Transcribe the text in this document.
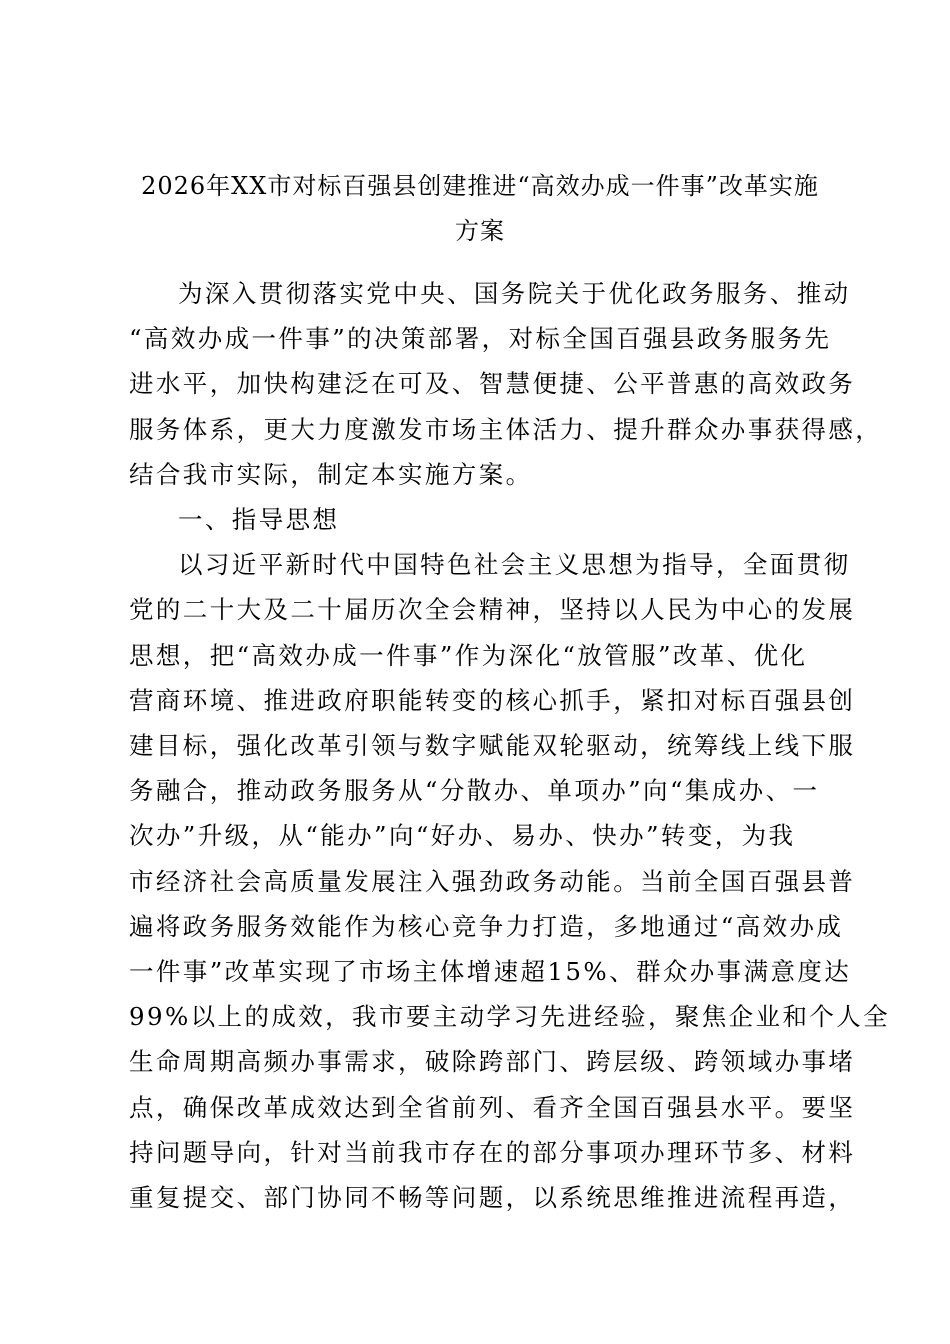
2026年XX市对标百强县创建推进“高效办成一件事”改革实施
方案
为深入贯彻落实党中央、国务院关于优化政务服务、推动
“高效办成一件事”的决策部署，对标全国百强县政务服务先
进水平，加快构建泛在可及、智慧便捷、公平普惠的高效政务
服务体系，更大力度激发市场主体活力、提升群众办事获得感，
结合我市实际，制定本实施方案。
一、指导思想
以习近平新时代中国特色社会主义思想为指导，全面贯彻
党的二十大及二十届历次全会精神，坚持以人民为中心的发展
思想，把“高效办成一件事”作为深化“放管服”改革、优化
营商环境、推进政府职能转变的核心抓手，紧扣对标百强县创
建目标，强化改革引领与数字赋能双轮驱动，统筹线上线下服
务融合，推动政务服务从“分散办、单项办”向“集成办、一
次办”升级，从“能办”向“好办、易办、快办”转变，为我
市经济社会高质量发展注入强劲政务动能。当前全国百强县普
遍将政务服务效能作为核心竞争力打造，多地通过“高效办成
一件事”改革实现了市场主体增速超15%、群众办事满意度达
99%以上的成效，我市要主动学习先进经验，聚焦企业和个人全
生命周期高频办事需求，破除跨部门、跨层级、跨领域办事堵
点，确保改革成效达到全省前列、看齐全国百强县水平。要坚
持问题导向，针对当前我市存在的部分事项办理环节多、材料
重复提交、部门协同不畅等问题，以系统思维推进流程再造，
